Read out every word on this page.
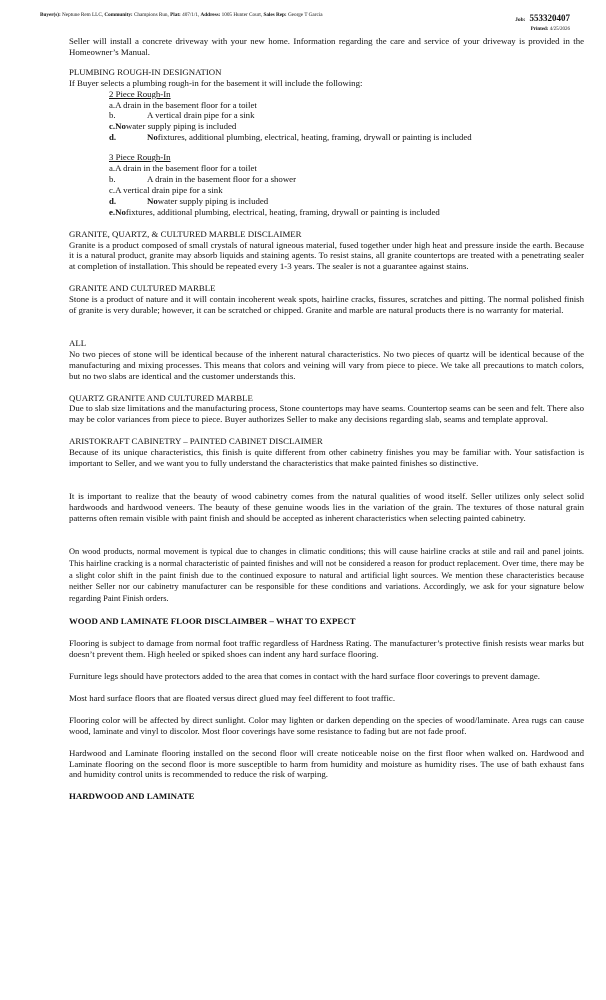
Buyer(s): Neptune Rem LLC, Community: Champions Run, Plat: 407/1/1, Address: 1005 Hunter Court, Sales Rep: George T Garcia
Job: 553320407
Printed: 4/25/2026

Seller will install a concrete driveway with your new home. Information regarding the care and service of your driveway is provided in the Homeowner’s Manual.

PLUMBING ROUGH-IN DESIGNATION

If Buyer selects a plumbing rough-in for the basement it will include the following:

2 Piece Rough-In

a.A drain in the basement floor for a toilet
b.	A vertical drain pipe for a sink
c.No water supply piping is included
d.	No fixtures, additional plumbing, electrical, heating, framing, drywall or painting is included

3 Piece Rough-In

a.A drain in the basement floor for a toilet
b.	A drain in the basement floor for a shower
c.A vertical drain pipe for a sink
d.	No water supply piping is included
e.No fixtures, additional plumbing, electrical, heating, framing, drywall or painting is included

GRANITE, QUARTZ, & CULTURED MARBLE DISCLAIMER

Granite is a product composed of small crystals of natural igneous material, fused together under high heat and pressure inside the earth. Because it is a natural product, granite may absorb liquids and staining agents. To resist stains, all granite countertops are treated with a penetrating sealer at completion of installation. This should be repeated every 1-3 years. The sealer is not a guarantee against stains.

GRANITE AND CULTURED MARBLE

Stone is a product of nature and it will contain incoherent weak spots, hairline cracks, fissures, scratches and pitting. The normal polished finish of granite is very durable; however, it can be scratched or chipped. Granite and marble are natural products there is no warranty for material.

ALL

No two pieces of stone will be identical because of the inherent natural characteristics. No two pieces of quartz will be identical because of the manufacturing and mixing processes. This means that colors and veining will vary from piece to piece. We take all precautions to match colors, but no two slabs are identical and the customer understands this.

QUARTZ GRANITE AND CULTURED MARBLE

Due to slab size limitations and the manufacturing process, Stone countertops may have seams. Countertop seams can be seen and felt. There also may be color variances from piece to piece. Buyer authorizes Seller to make any decisions regarding slab, seams and template approval.

ARISTOKRAFT CABINETRY – PAINTED CABINET DISCLAIMER

Because of its unique characteristics, this finish is quite different from other cabinetry finishes you may be familiar with. Your satisfaction is important to Seller, and we want you to fully understand the characteristics that make painted finishes so distinctive.

It is important to realize that the beauty of wood cabinetry comes from the natural qualities of wood itself. Seller utilizes only select solid hardwoods and hardwood veneers. The beauty of these genuine woods lies in the variation of the grain. The textures of those natural grain patterns often remain visible with paint finish and should be accepted as inherent characteristics when selecting painted cabinetry.

On wood products, normal movement is typical due to changes in climatic conditions; this will cause hairline cracks at stile and rail and panel joints. This hairline cracking is a normal characteristic of painted finishes and will not be considered a reason for product replacement. Over time, there may be a slight color shift in the paint finish due to the continued exposure to natural and artificial light sources. We mention these characteristics because neither Seller nor our cabinetry manufacturer can be responsible for these conditions and variations. Accordingly, we ask for your signature below regarding Paint Finish orders.

WOOD AND LAMINATE FLOOR DISCLAIMBER – WHAT TO EXPECT

Flooring is subject to damage from normal foot traffic regardless of Hardness Rating. The manufacturer’s protective finish resists wear marks but doesn’t prevent them. High heeled or spiked shoes can indent any hard surface flooring.

Furniture legs should have protectors added to the area that comes in contact with the hard surface floor coverings to prevent damage.

Most hard surface floors that are floated versus direct glued may feel different to foot traffic.

Flooring color will be affected by direct sunlight. Color may lighten or darken depending on the species of wood/laminate. Area rugs can cause wood, laminate and vinyl to discolor. Most floor coverings have some resistance to fading but are not fade proof.

Hardwood and Laminate flooring installed on the second floor will create noticeable noise on the first floor when walked on. Hardwood and Laminate flooring on the second floor is more susceptible to harm from humidity and moisture as humidity rises. The use of bath exhaust fans and humidity control units is recommended to reduce the risk of warping.

HARDWOOD AND LAMINATE
